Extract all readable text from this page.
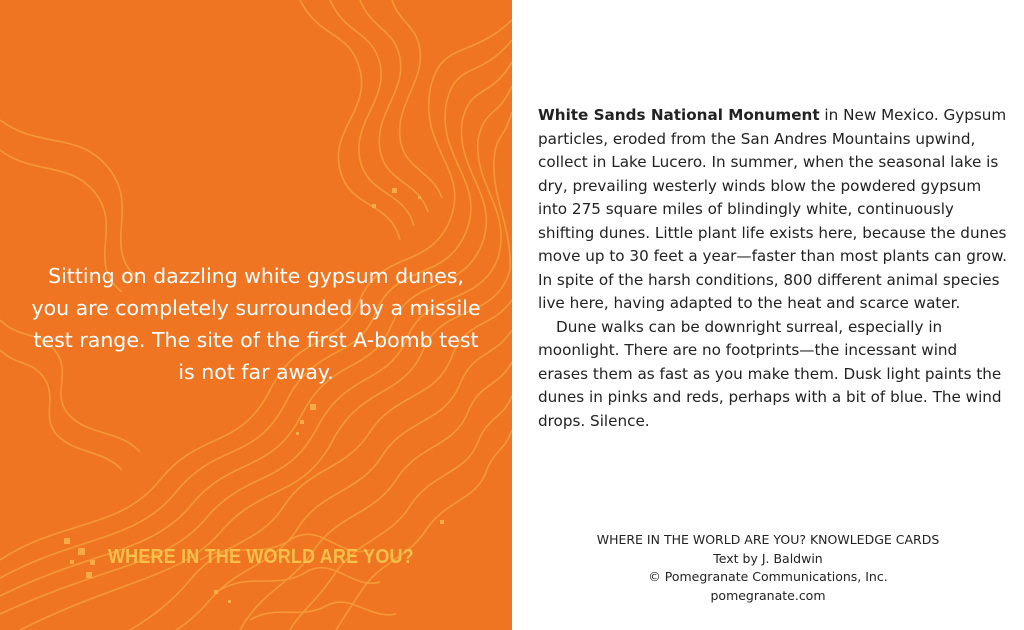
Sitting on dazzling white gypsum dunes, you are completely surrounded by a missile test range. The site of the first A-bomb test is not far away.
WHERE IN THE WORLD ARE YOU?

White Sands National Monument in New Mexico. Gypsum particles, eroded from the San Andres Mountains upwind, collect in Lake Lucero. In summer, when the seasonal lake is dry, prevailing westerly winds blow the powdered gypsum into 275 square miles of blindingly white, continuously shifting dunes. Little plant life exists here, because the dunes move up to 30 feet a year—faster than most plants can grow. In spite of the harsh conditions, 800 different animal species live here, having adapted to the heat and scarce water.

Dune walks can be downright surreal, especially in moonlight. There are no footprints—the incessant wind erases them as fast as you make them. Dusk light paints the dunes in pinks and reds, perhaps with a bit of blue. The wind drops. Silence.

WHERE IN THE WORLD ARE YOU? KNOWLEDGE CARDS
Text by J. Baldwin
© Pomegranate Communications, Inc.
pomegranate.com
